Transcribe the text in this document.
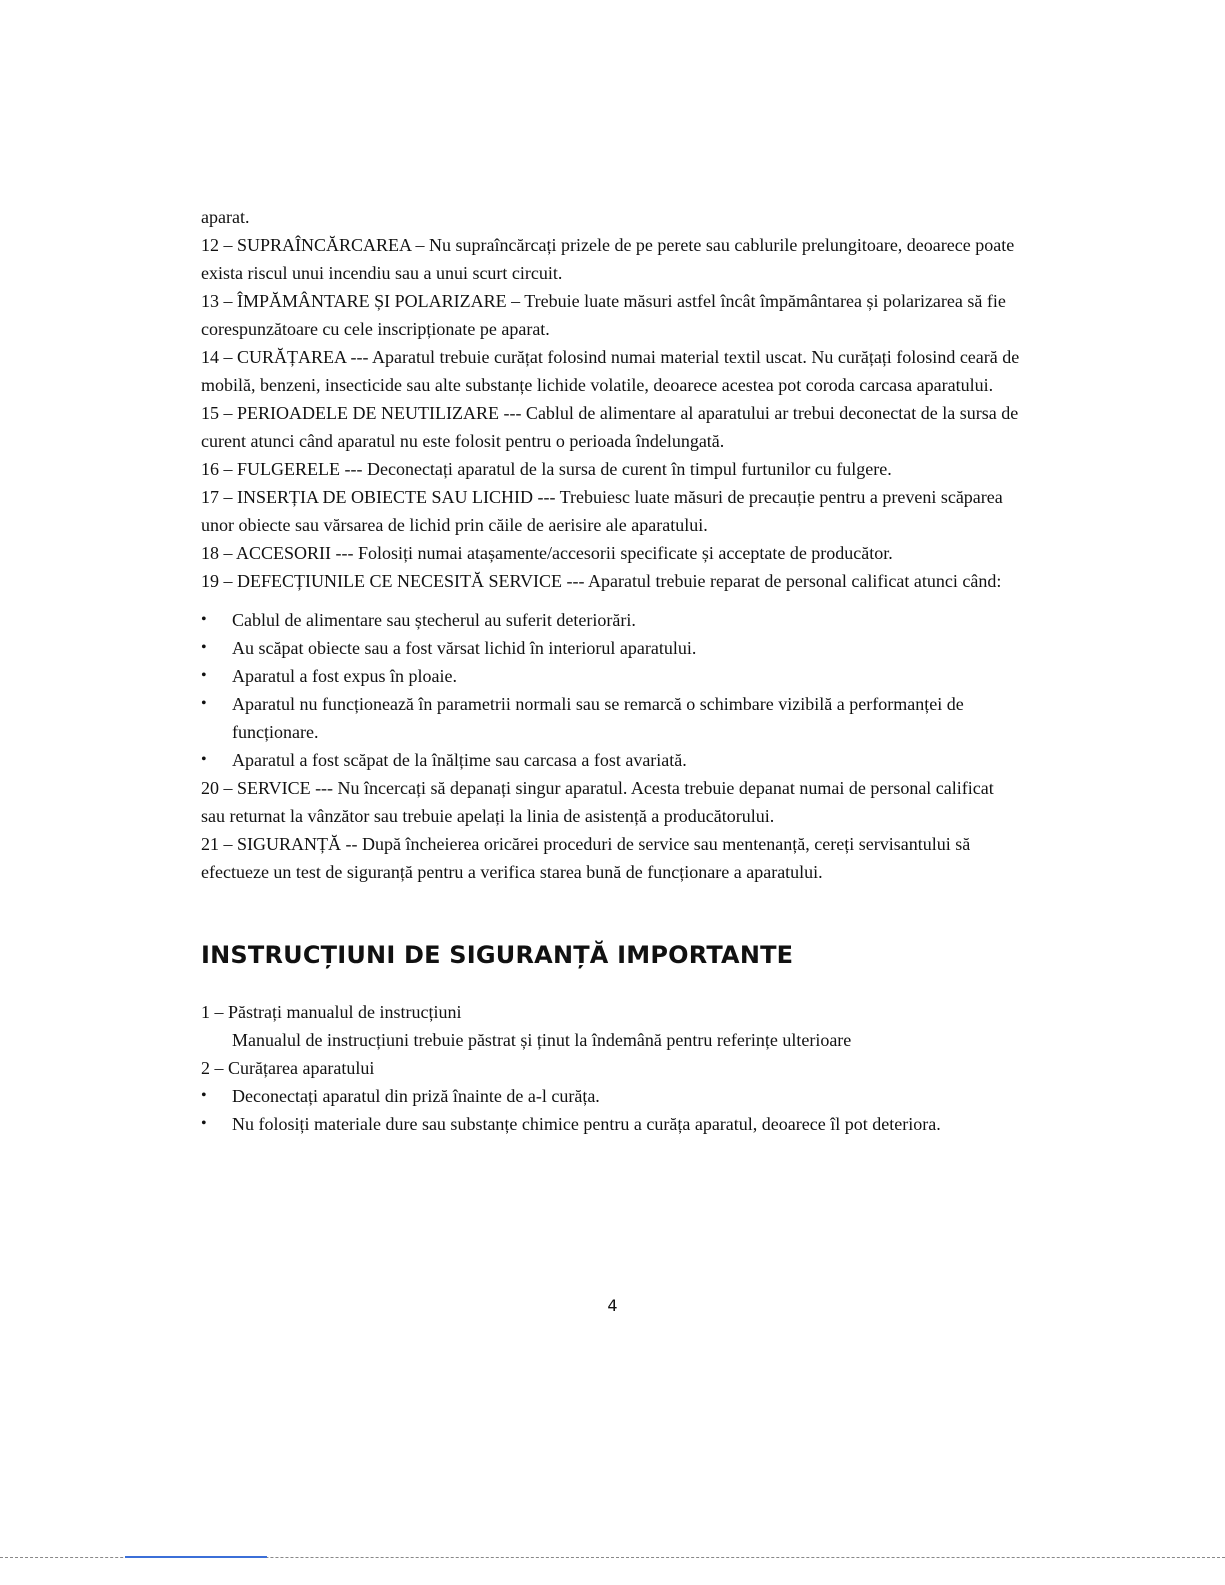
aparat.

12 – SUPRAÎNCĂRCAREA – Nu supraîncărcați prizele de pe perete sau cablurile prelungitoare, deoarece poate exista riscul unui incendiu sau a unui scurt circuit.

13 – ÎMPĂMÂNTARE ȘI POLARIZARE – Trebuie luate măsuri astfel încât împământarea și polarizarea să fie corespunzătoare cu cele inscripționate pe aparat.

14 – CURĂȚAREA --- Aparatul trebuie curățat folosind numai material textil uscat. Nu curățați folosind ceară de mobilă, benzeni, insecticide sau alte substanțe lichide volatile, deoarece acestea pot coroda carcasa aparatului.

15 – PERIOADELE DE NEUTILIZARE --- Cablul de alimentare al aparatului ar trebui deconectat de la sursa de curent atunci când aparatul nu este folosit pentru o perioada îndelungată.

16 – FULGERELE --- Deconectați aparatul de la sursa de curent în timpul furtunilor cu fulgere.

17 – INSERȚIA DE OBIECTE SAU LICHID --- Trebuiesc luate măsuri de precauție pentru a preveni scăparea unor obiecte sau vărsarea de lichid prin căile de aerisire ale aparatului.

18 – ACCESORII --- Folosiți numai atașamente/accesorii specificate și acceptate de producător.

19 – DEFECȚIUNILE CE NECESITĂ SERVICE --- Aparatul trebuie reparat de personal calificat atunci când:

• Cablul de alimentare sau ștecherul au suferit deteriorări.
• Au scăpat obiecte sau a fost vărsat lichid în interiorul aparatului.
• Aparatul a fost expus în ploaie.
• Aparatul nu funcționează în parametrii normali sau se remarcă o schimbare vizibilă a performanței de funcționare.
• Aparatul a fost scăpat de la înălțime sau carcasa a fost avariată.

20 – SERVICE --- Nu încercați să depanați singur aparatul. Acesta trebuie depanat numai de personal calificat sau returnat la vânzător sau trebuie apelați la linia de asistență a producătorului.

21 – SIGURANȚĂ -- După încheierea oricărei proceduri de service sau mentenanță, cereți servisantului să efectueze un test de siguranță pentru a verifica starea bună de funcționare a aparatului.

INSTRUCȚIUNI DE SIGURANȚĂ IMPORTANTE

1 – Păstrați manualul de instrucțiuni

Manualul de instrucțiuni trebuie păstrat și ținut la îndemână pentru referințe ulterioare

2 – Curățarea aparatului

• Deconectați aparatul din priză înainte de a-l curăța.
• Nu folosiți materiale dure sau substanțe chimice pentru a curăța aparatul, deoarece îl pot deteriora.
4
